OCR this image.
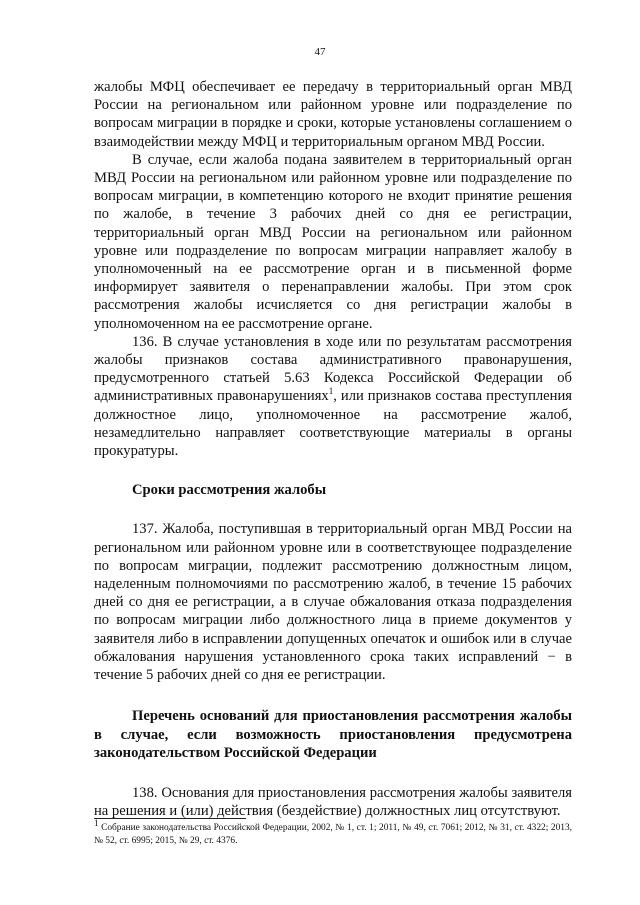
47

жалобы МФЦ обеспечивает ее передачу в территориальный орган МВД России на региональном или районном уровне или подразделение по вопросам миграции в порядке и сроки, которые установлены соглашением о взаимодействии между МФЦ и территориальным органом МВД России.

В случае, если жалоба подана заявителем в территориальный орган МВД России на региональном или районном уровне или подразделение по вопросам миграции, в компетенцию которого не входит принятие решения по жалобе, в течение 3 рабочих дней со дня ее регистрации, территориальный орган МВД России на региональном или районном уровне или подразделение по вопросам миграции направляет жалобу в уполномоченный на ее рассмотрение орган и в письменной форме информирует заявителя о перенаправлении жалобы. При этом срок рассмотрения жалобы исчисляется со дня регистрации жалобы в уполномоченном на ее рассмотрение органе.

136. В случае установления в ходе или по результатам рассмотрения жалобы признаков состава административного правонарушения, предусмотренного статьей 5.63 Кодекса Российской Федерации об административных правонарушениях$^1$, или признаков состава преступления должностное лицо, уполномоченное на рассмотрение жалоб, незамедлительно направляет соответствующие материалы в органы прокуратуры.

Сроки рассмотрения жалобы

137. Жалоба, поступившая в территориальный орган МВД России на региональном или районном уровне или в соответствующее подразделение по вопросам миграции, подлежит рассмотрению должностным лицом, наделенным полномочиями по рассмотрению жалоб, в течение 15 рабочих дней со дня ее регистрации, а в случае обжалования отказа подразделения по вопросам миграции либо должностного лица в приеме документов у заявителя либо в исправлении допущенных опечаток и ошибок или в случае обжалования нарушения установленного срока таких исправлений − в течение 5 рабочих дней со дня ее регистрации.

Перечень оснований для приостановления рассмотрения жалобы в случае, если возможность приостановления предусмотрена законодательством Российской Федерации

138. Основания для приостановления рассмотрения жалобы заявителя на решения и (или) действия (бездействие) должностных лиц отсутствуют.

$^1$ Собрание законодательства Российской Федерации, 2002, № 1, ст. 1; 2011, № 49, ст. 7061; 2012, № 31, ст. 4322; 2013, № 52, ст. 6995; 2015, № 29, ст. 4376.
